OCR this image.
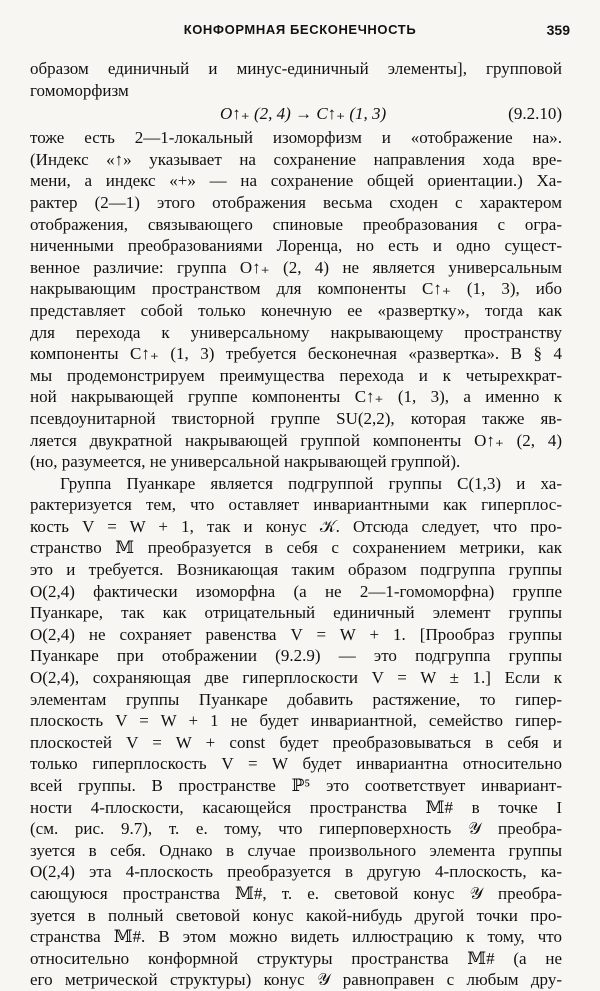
КОНФОРМНАЯ БЕСКОНЕЧНОСТЬ	359
образом единичный и минус-единичный элементы], групповой
гомоморфизм
O↑₊ (2, 4) → C↑₊ (1, 3)	(9.2.10)
тоже есть 2—1-локальный изоморфизм и «отображение на».
(Индекс «↑» указывает на сохранение направления хода вре-
мени, а индекс «+» — на сохранение общей ориентации.) Ха-
рактер (2—1) этого отображения весьма сходен с характером
отображения, связывающего спиновые преобразования с огра-
ниченными преобразованиями Лоренца, но есть и одно сущест-
венное различие: группа O↑₊ (2, 4) не является универсальным
накрывающим пространством для компоненты C↑₊ (1, 3), ибо
представляет собой только конечную ее «развертку», тогда как
для перехода к универсальному накрывающему пространству
компоненты C↑₊ (1, 3) требуется бесконечная «развертка». В § 4
мы продемонстрируем преимущества перехода и к четырехкрат-
ной накрывающей группе компоненты C↑₊ (1, 3), а именно к
псевдоунитарной твисторной группе SU(2,2), которая также яв-
ляется двукратной накрывающей группой компоненты O↑₊ (2, 4)
(но, разумеется, не универсальной накрывающей группой).
Группа Пуанкаре является подгруппой группы C(1,3) и ха-
рактеризуется тем, что оставляет инвариантными как гиперплос-
кость V = W + 1, так и конус 𝒦. Отсюда следует, что про-
странство 𝕄 преобразуется в себя с сохранением метрики, как
это и требуется. Возникающая таким образом подгруппа группы
O(2,4) фактически изоморфна (а не 2—1-гомоморфна) группе
Пуанкаре, так как отрицательный единичный элемент группы
O(2,4) не сохраняет равенства V = W + 1. [Прообраз группы
Пуанкаре при отображении (9.2.9) — это подгруппа группы
O(2,4), сохраняющая две гиперплоскости V = W ± 1.] Если к
элементам группы Пуанкаре добавить растяжение, то гипер-
плоскость V = W + 1 не будет инвариантной, семейство гипер-
плоскостей V = W + const будет преобразовываться в себя и
только гиперплоскость V = W будет инвариантна относительно
всей группы. В пространстве ℙ⁵ это соответствует инвариант-
ности 4-плоскости, касающейся пространства 𝕄# в точке I
(см. рис. 9.7), т. е. тому, что гиперповерхность 𝒴 преобра-
зуется в себя. Однако в случае произвольного элемента группы
O(2,4) эта 4-плоскость преобразуется в другую 4-плоскость, ка-
сающуюся пространства 𝕄#, т. е. световой конус 𝒴 преобра-
зуется в полный световой конус какой-нибудь другой точки про-
странства 𝕄#. В этом можно видеть иллюстрацию к тому, что
относительно конформной структуры пространства 𝕄# (а не
его метрической структуры) конус 𝒴 равноправен с любым дру-
